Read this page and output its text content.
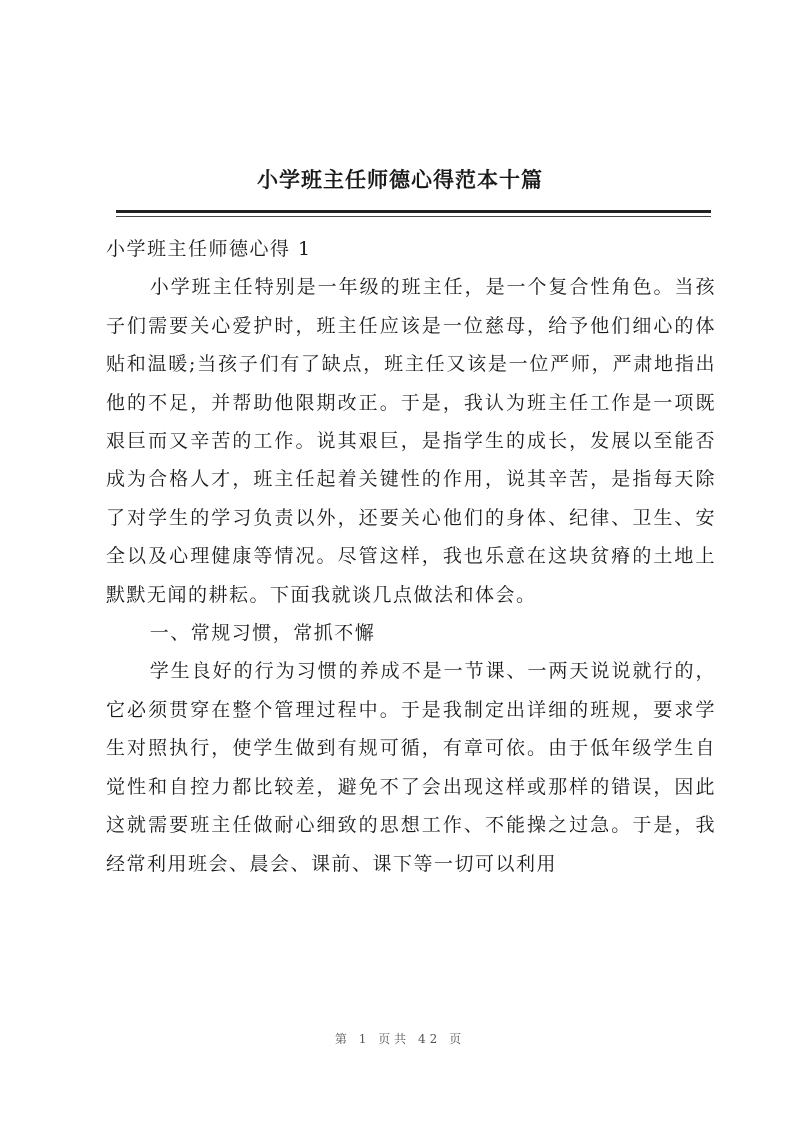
小学班主任师德心得范本十篇

小学班主任师德心得 1

小学班主任特别是一年级的班主任，是一个复合性角色。当孩子们需要关心爱护时，班主任应该是一位慈母，给予他们细心的体贴和温暖;当孩子们有了缺点，班主任又该是一位严师，严肃地指出他的不足，并帮助他限期改正。于是，我认为班主任工作是一项既艰巨而又辛苦的工作。说其艰巨，是指学生的成长，发展以至能否成为合格人才，班主任起着关键性的作用，说其辛苦，是指每天除了对学生的学习负责以外，还要关心他们的身体、纪律、卫生、安全以及心理健康等情况。尽管这样，我也乐意在这块贫瘠的土地上默默无闻的耕耘。下面我就谈几点做法和体会。

一、常规习惯，常抓不懈

学生良好的行为习惯的养成不是一节课、一两天说说就行的，它必须贯穿在整个管理过程中。于是我制定出详细的班规，要求学生对照执行，使学生做到有规可循，有章可依。由于低年级学生自觉性和自控力都比较差，避免不了会出现这样或那样的错误，因此这就需要班主任做耐心细致的思想工作、不能操之过急。于是，我经常利用班会、晨会、课前、课下等一切可以利用

第 1 页共 42 页
